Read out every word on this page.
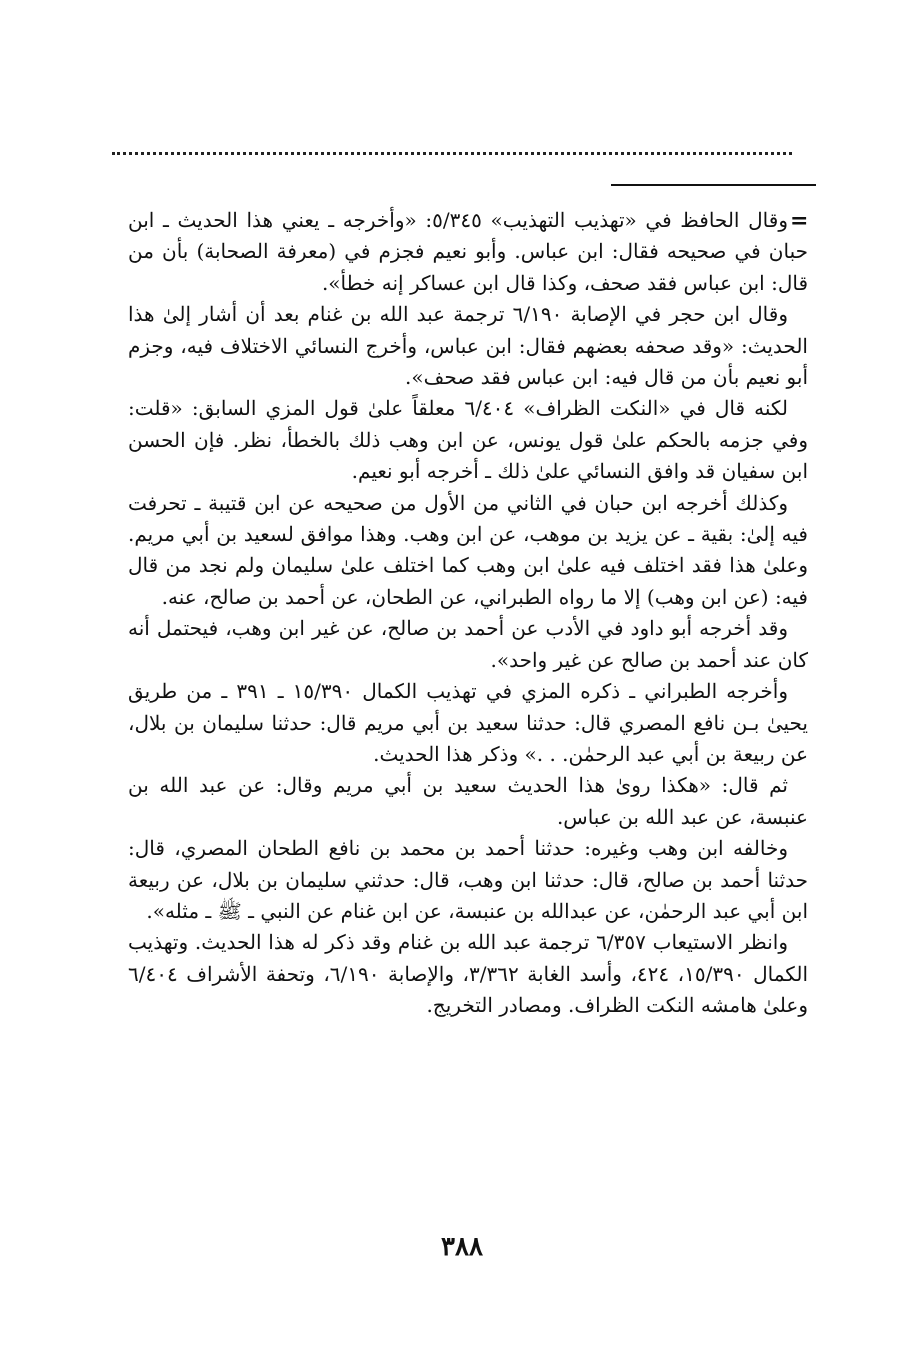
=

وقال الحافظ في «تهذيب التهذيب» ٥/٣٤٥: «وأخرجه ـ يعني هذا الحديث ـ ابن حبان في صحيحه فقال: ابن عباس. وأبو نعيم فجزم في (معرفة الصحابة) بأن من قال: ابن عباس فقد صحف، وكذا قال ابن عساكر إنه خطأ».

وقال ابن حجر في الإصابة ٦/١٩٠ ترجمة عبد الله بن غنام بعد أن أشار إلىٰ هذا الحديث: «وقد صحفه بعضهم فقال: ابن عباس، وأخرج النسائي الاختلاف فيه، وجزم أبو نعيم بأن من قال فيه: ابن عباس فقد صحف».

لكنه قال في «النكت الظراف» ٦/٤٠٤ معلقاً علىٰ قول المزي السابق: «قلت: وفي جزمه بالحكم علىٰ قول يونس، عن ابن وهب ذلك بالخطأ، نظر. فإن الحسن ابن سفيان قد وافق النسائي علىٰ ذلك ـ أخرجه أبو نعيم.

وكذلك أخرجه ابن حبان في الثاني من الأول من صحيحه عن ابن قتيبة ـ تحرفت فيه إلىٰ: بقية ـ عن يزيد بن موهب، عن ابن وهب. وهذا موافق لسعيد بن أبي مريم. وعلىٰ هذا فقد اختلف فيه علىٰ ابن وهب كما اختلف علىٰ سليمان ولم نجد من قال فيه: (عن ابن وهب) إلا ما رواه الطبراني، عن الطحان، عن أحمد بن صالح، عنه.

وقد أخرجه أبو داود في الأدب عن أحمد بن صالح، عن غير ابن وهب، فيحتمل أنه كان عند أحمد بن صالح عن غير واحد».

وأخرجه الطبراني ـ ذكره المزي في تهذيب الكمال ١٥/٣٩٠ ـ ٣٩١ ـ من طريق يحيىٰ بـن نافع المصري قال: حدثنا سعيد بن أبي مريم قال: حدثنا سليمان بن بلال، عن ربيعة بن أبي عبد الرحمٰن. . .» وذكر هذا الحديث.

ثم قال: «هكذا روىٰ هذا الحديث سعيد بن أبي مريم وقال: عن عبد الله بن عنبسة، عن عبد الله بن عباس.

وخالفه ابن وهب وغيره: حدثنا أحمد بن محمد بن نافع الطحان المصري، قال: حدثنا أحمد بن صالح، قال: حدثنا ابن وهب، قال: حدثني سليمان بن بلال، عن ربيعة ابن أبي عبد الرحمٰن، عن عبدالله بن عنبسة، عن ابن غنام عن النبي ـ ﷺ ـ مثله».

وانظر الاستيعاب ٦/٣٥٧ ترجمة عبد الله بن غنام وقد ذكر له هذا الحديث. وتهذيب الكمال ١٥/٣٩٠، ٤٢٤، وأسد الغابة ٣/٣٦٢، والإصابة ٦/١٩٠، وتحفة الأشراف ٦/٤٠٤ وعلىٰ هامشه النكت الظراف. ومصادر التخريج.

٣٨٨
